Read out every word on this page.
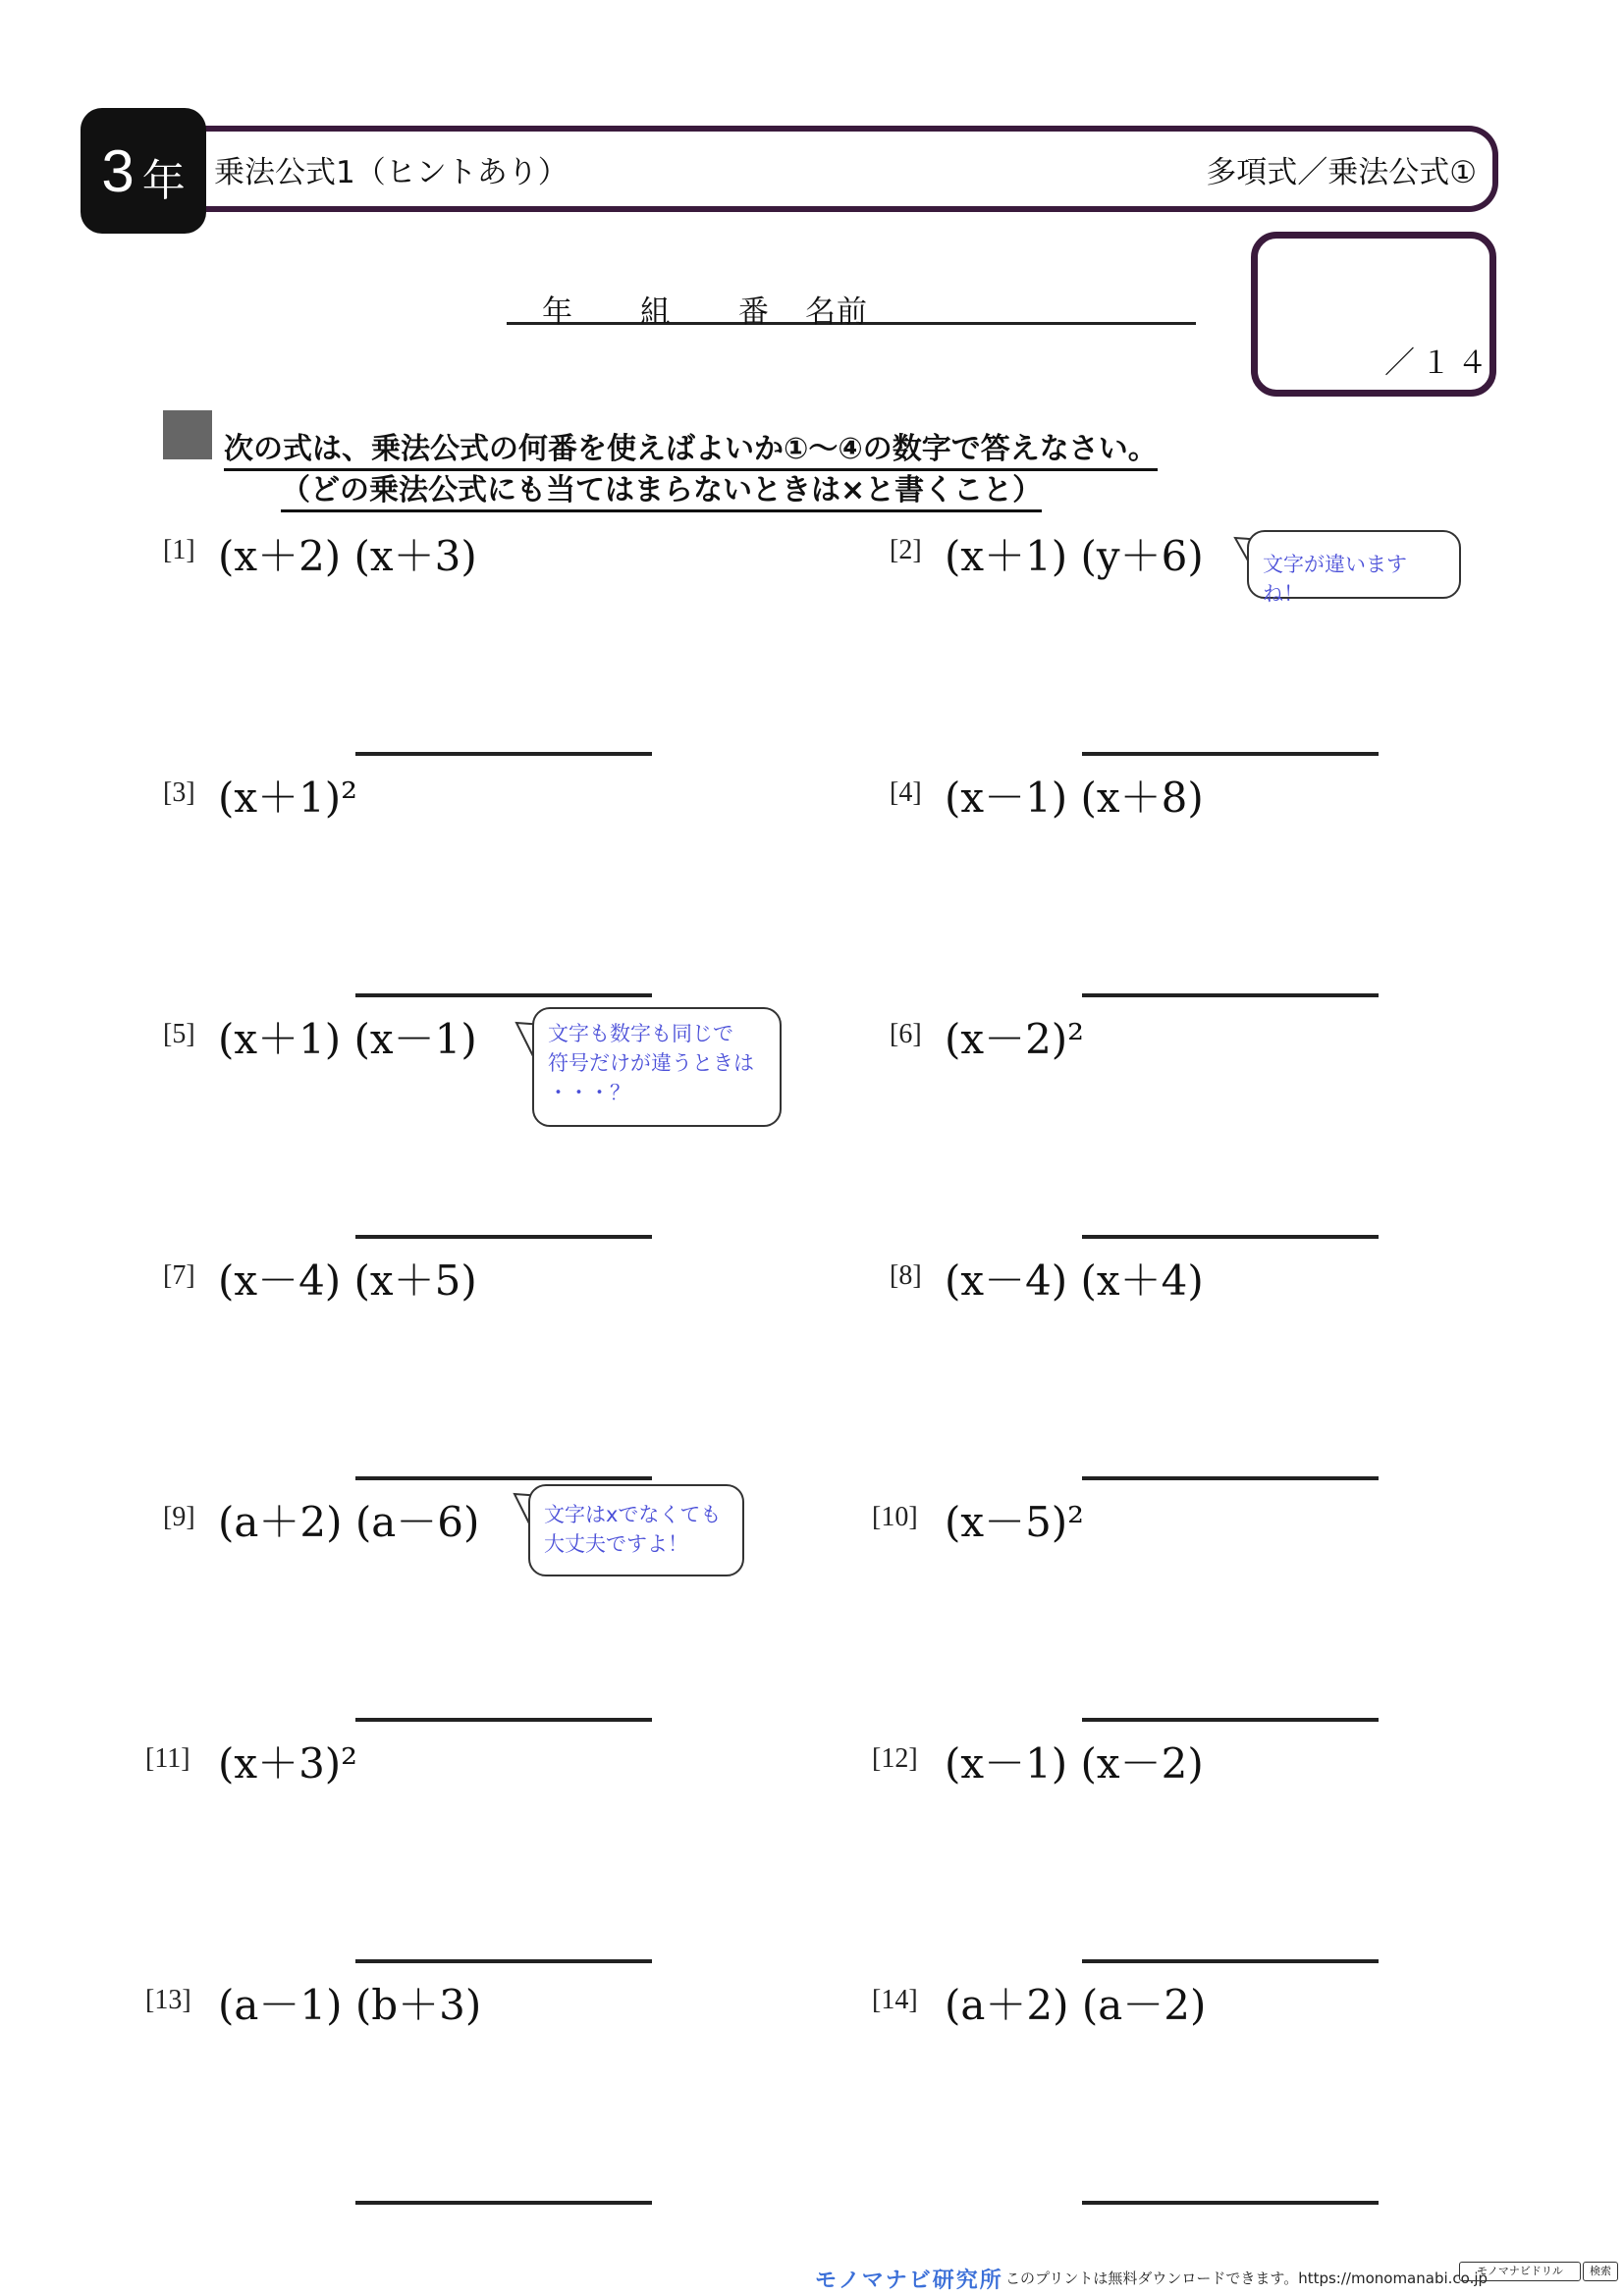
3 年 乗法公式1（ヒントあり）	多項式／乗法公式①
年 組 番 名前
／１４
次の式は、乗法公式の何番を使えばよいか①～④の数字で答えなさい。
（どの乗法公式にも当てはまらないときは×と書くこと）
[1] (x＋2) (x＋3)
[3] (x＋1)²
[5] (x＋1) (x－1)
[7] (x－4) (x＋5)
[9] (a＋2) (a－6)
[11] (x＋3)²
[13] (a－1) (b＋3)
[2] (x＋1) (y＋6)
[4] (x－1) (x＋8)
[6] (x－2)²
[8] (x－4) (x＋4)
[10] (x－5)²
[12] (x－1) (x－2)
[14] (a＋2) (a－2)
文字が違いますね！
文字も数字も同じで
符号だけが違うときは
・・・？
文字はxでなくても
大丈夫ですよ！
モノマナビ研究所 このプリントは無料ダウンロードできます。https://monomanabi.co.jp
モノマナビドリル	検索
